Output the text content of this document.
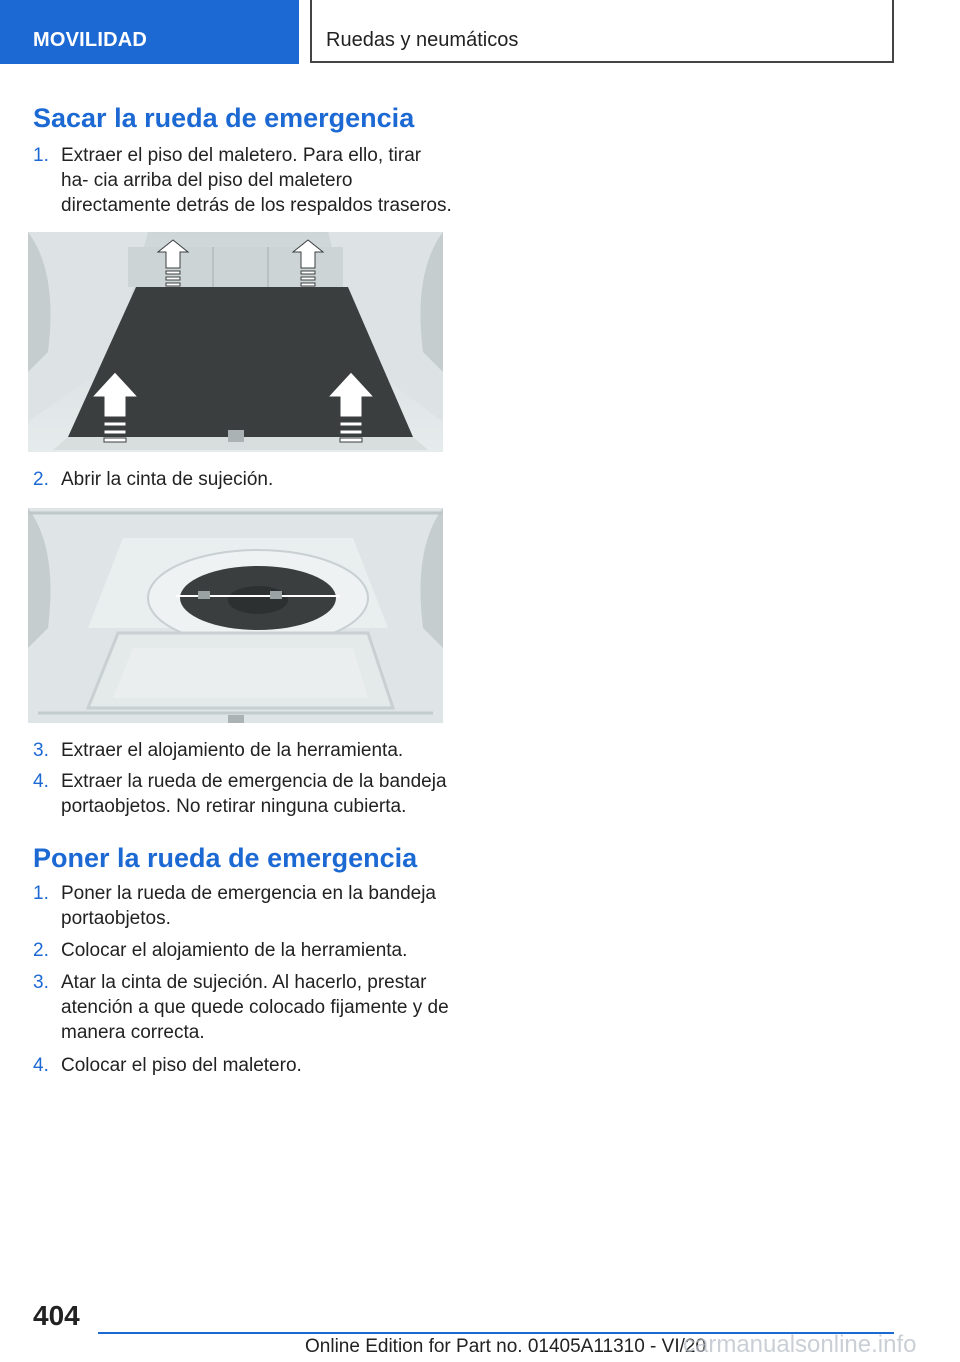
MOVILIDAD	Ruedas y neumáticos
Sacar la rueda de emergencia
1. Extraer el piso del maletero. Para ello, tirar ha- cia arriba del piso del maletero directamente detrás de los respaldos traseros.
2. Abrir la cinta de sujeción.
3. Extraer el alojamiento de la herramienta.
4. Extraer la rueda de emergencia de la bandeja portaobjetos. No retirar ninguna cubierta.
Poner la rueda de emergencia
1. Poner la rueda de emergencia en la bandeja portaobjetos.
2. Colocar el alojamiento de la herramienta.
3. Atar la cinta de sujeción. Al hacerlo, prestar atención a que quede colocado fijamente y de manera correcta.
4. Colocar el piso del maletero.
404
Online Edition for Part no. 01405A11310 - VI/20
carmanualsonline.info
